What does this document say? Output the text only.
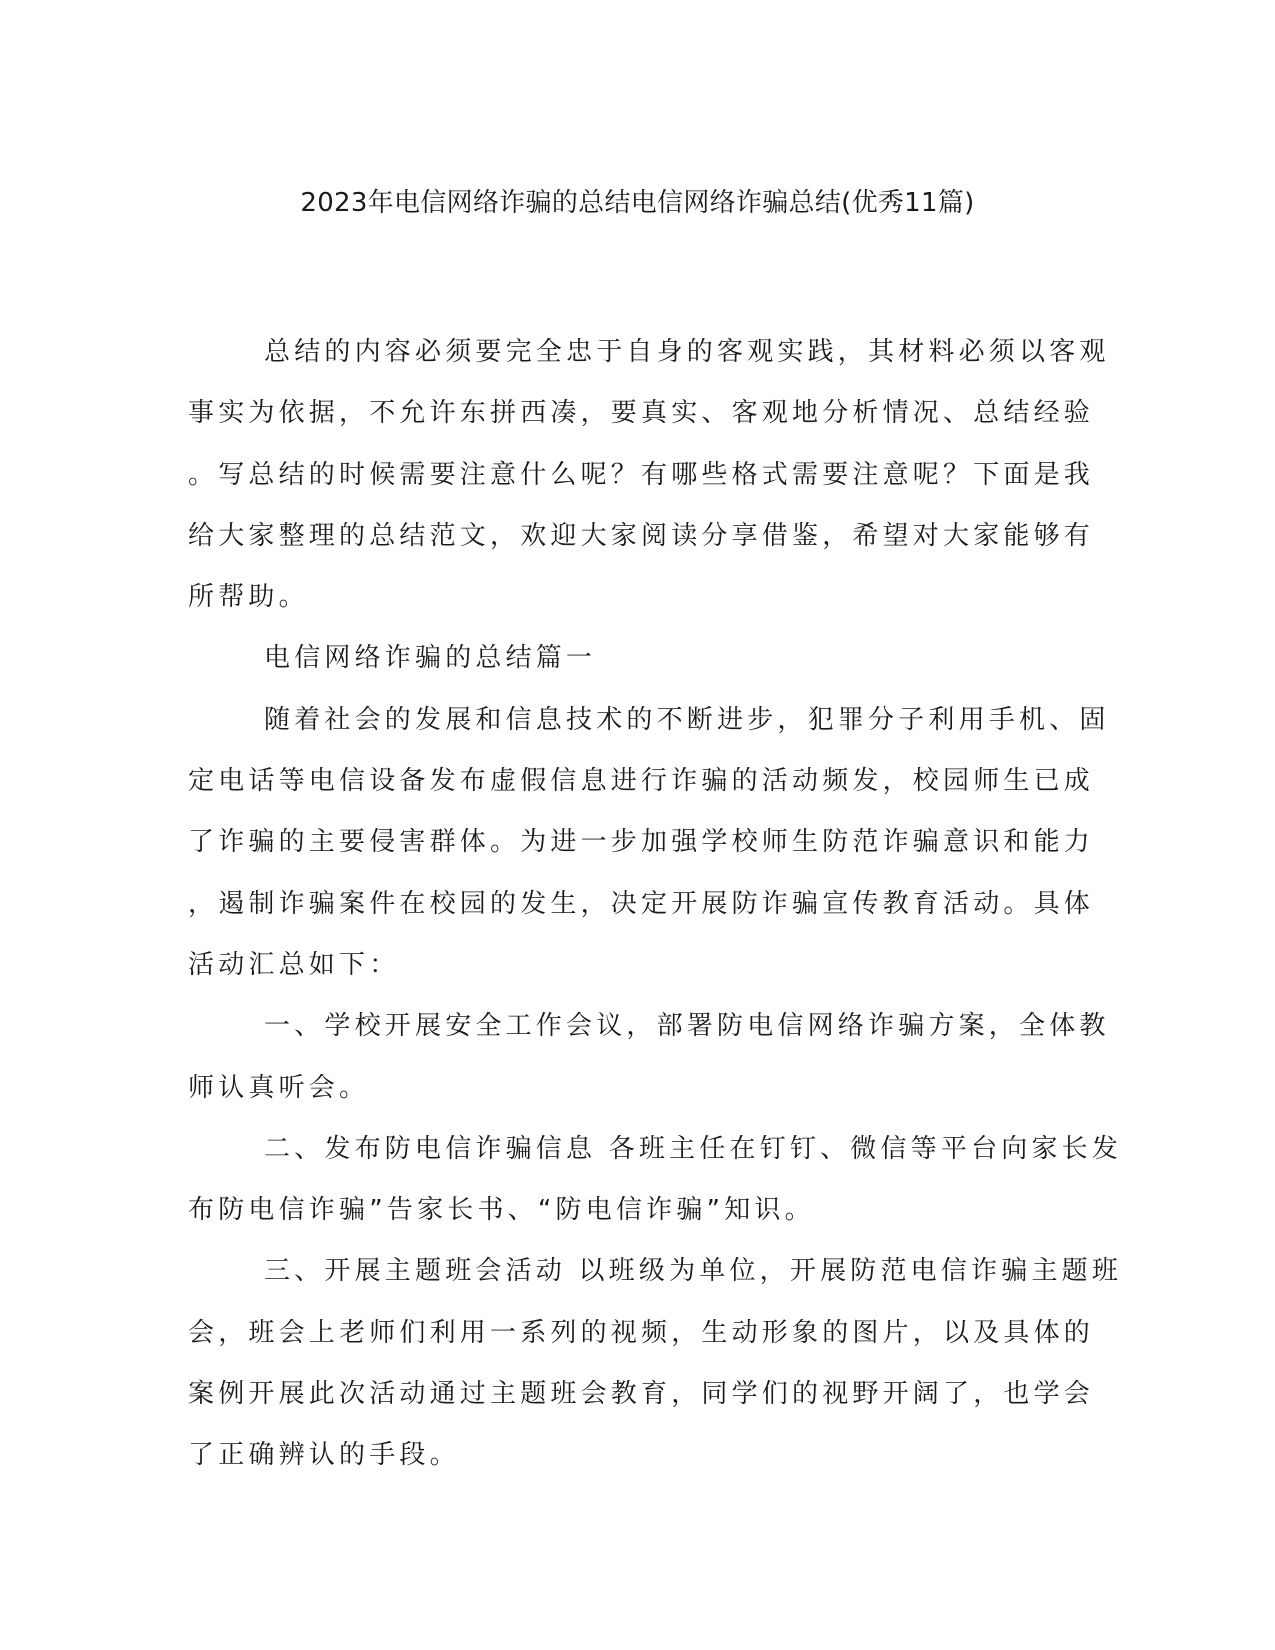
2023年电信网络诈骗的总结电信网络诈骗总结(优秀11篇)
总结的内容必须要完全忠于自身的客观实践，其材料必须以客观
事实为依据，不允许东拼西凑，要真实、客观地分析情况、总结经验
。写总结的时候需要注意什么呢？有哪些格式需要注意呢？下面是我
给大家整理的总结范文，欢迎大家阅读分享借鉴，希望对大家能够有
所帮助。
电信网络诈骗的总结篇一
随着社会的发展和信息技术的不断进步，犯罪分子利用手机、固
定电话等电信设备发布虚假信息进行诈骗的活动频发，校园师生已成
了诈骗的主要侵害群体。为进一步加强学校师生防范诈骗意识和能力
，遏制诈骗案件在校园的发生，决定开展防诈骗宣传教育活动。具体
活动汇总如下：
一、学校开展安全工作会议，部署防电信网络诈骗方案，全体教
师认真听会。
二、发布防电信诈骗信息 各班主任在钉钉、微信等平台向家长发
布防电信诈骗”告家长书、“防电信诈骗”知识。
三、开展主题班会活动 以班级为单位，开展防范电信诈骗主题班
会，班会上老师们利用一系列的视频，生动形象的图片，以及具体的
案例开展此次活动通过主题班会教育，同学们的视野开阔了，也学会
了正确辨认的手段。
